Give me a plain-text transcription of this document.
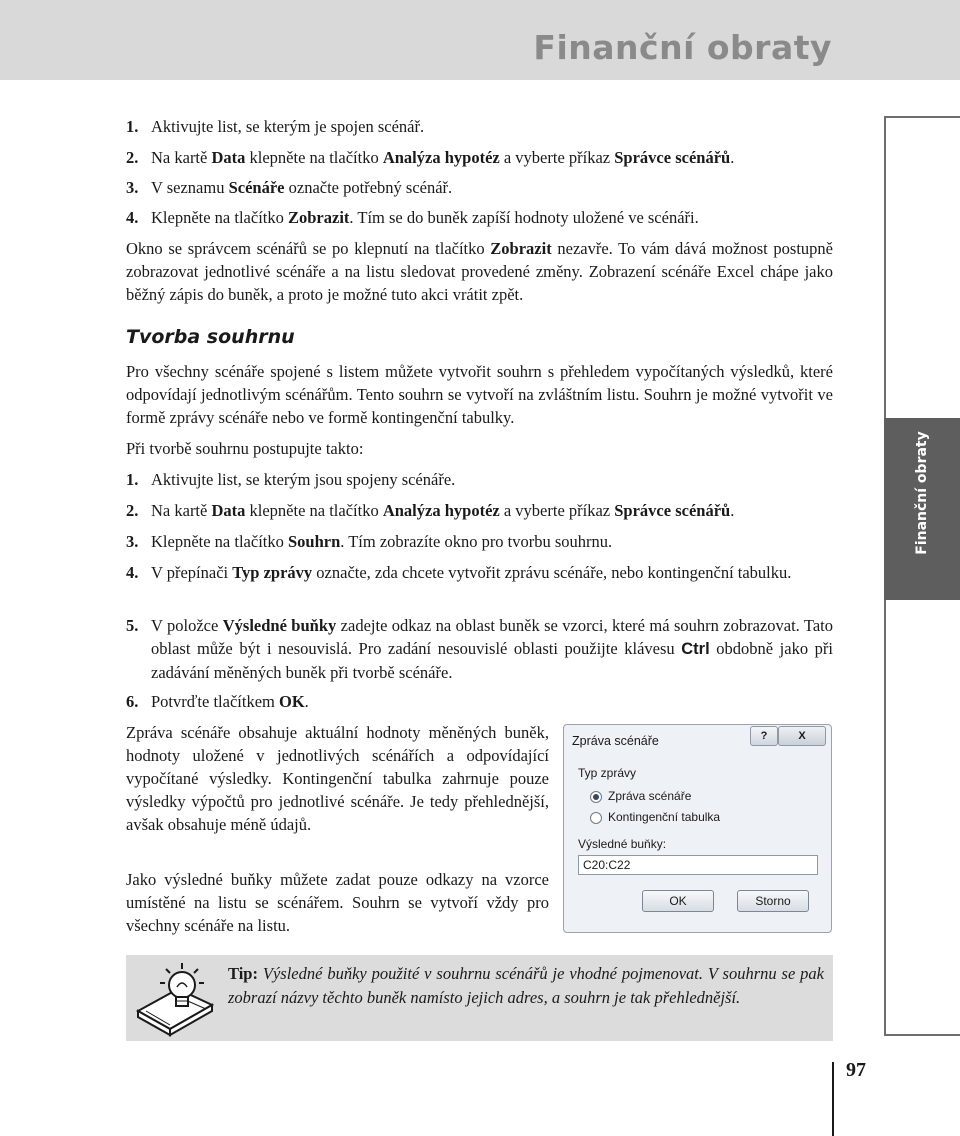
Finanční obraty
Finanční obraty
1. Aktivujte list, se kterým je spojen scénář.
2. Na kartě Data klepněte na tlačítko Analýza hypotéz a vyberte příkaz Správce scénářů.
3. V seznamu Scénáře označte potřebný scénář.
4. Klepněte na tlačítko Zobrazit. Tím se do buněk zapíší hodnoty uložené ve scénáři.
Okno se správcem scénářů se po klepnutí na tlačítko Zobrazit nezavře. To vám dává možnost postupně zobrazovat jednotlivé scénáře a na listu sledovat provedené změny. Zobrazení scénáře Excel chápe jako běžný zápis do buněk, a proto je možné tuto akci vrátit zpět.
Tvorba souhrnu
Pro všechny scénáře spojené s listem můžete vytvořit souhrn s přehledem vypočítaných výsledků, které odpovídají jednotlivým scénářům. Tento souhrn se vytvoří na zvláštním listu. Souhrn je možné vytvořit ve formě zprávy scénáře nebo ve formě kontingenční tabulky.
Při tvorbě souhrnu postupujte takto:
1. Aktivujte list, se kterým jsou spojeny scénáře.
2. Na kartě Data klepněte na tlačítko Analýza hypotéz a vyberte příkaz Správce scénářů.
3. Klepněte na tlačítko Souhrn. Tím zobrazíte okno pro tvorbu souhrnu.
4. V přepínači Typ zprávy označte, zda chcete vytvořit zprávu scénáře, nebo kontingenční tabulku.
5. V položce Výsledné buňky zadejte odkaz na oblast buněk se vzorci, které má souhrn zobrazovat. Tato oblast může být i nesouvislá. Pro zadání nesouvislé oblasti použijte klávesu Ctrl obdobně jako při zadávání měněných buněk při tvorbě scénáře.
6. Potvrďte tlačítkem OK.
Zpráva scénáře obsahuje aktuální hodnoty měněných buněk, hodnoty uložené v jednotlivých scénářích a odpovídající vypočítané výsledky. Kontingenční tabulka zahrnuje pouze výsledky výpočtů pro jednotlivé scénáře. Je tedy přehlednější, avšak obsahuje méně údajů.
Jako výsledné buňky můžete zadat pouze odkazy na vzorce umístěné na listu se scénářem. Souhrn se vytvoří vždy pro všechny scénáře na listu.
Zpráva scénáře	?	X
Typ zprávy
Zpráva scénáře
Kontingenční tabulka
Výsledné buňky:
C20:C22
OK	Storno
Tip: Výsledné buňky použité v souhrnu scénářů je vhodné pojmenovat. V souhrnu se pak zobrazí názvy těchto buněk namísto jejich adres, a souhrn je tak přehlednější.
97
